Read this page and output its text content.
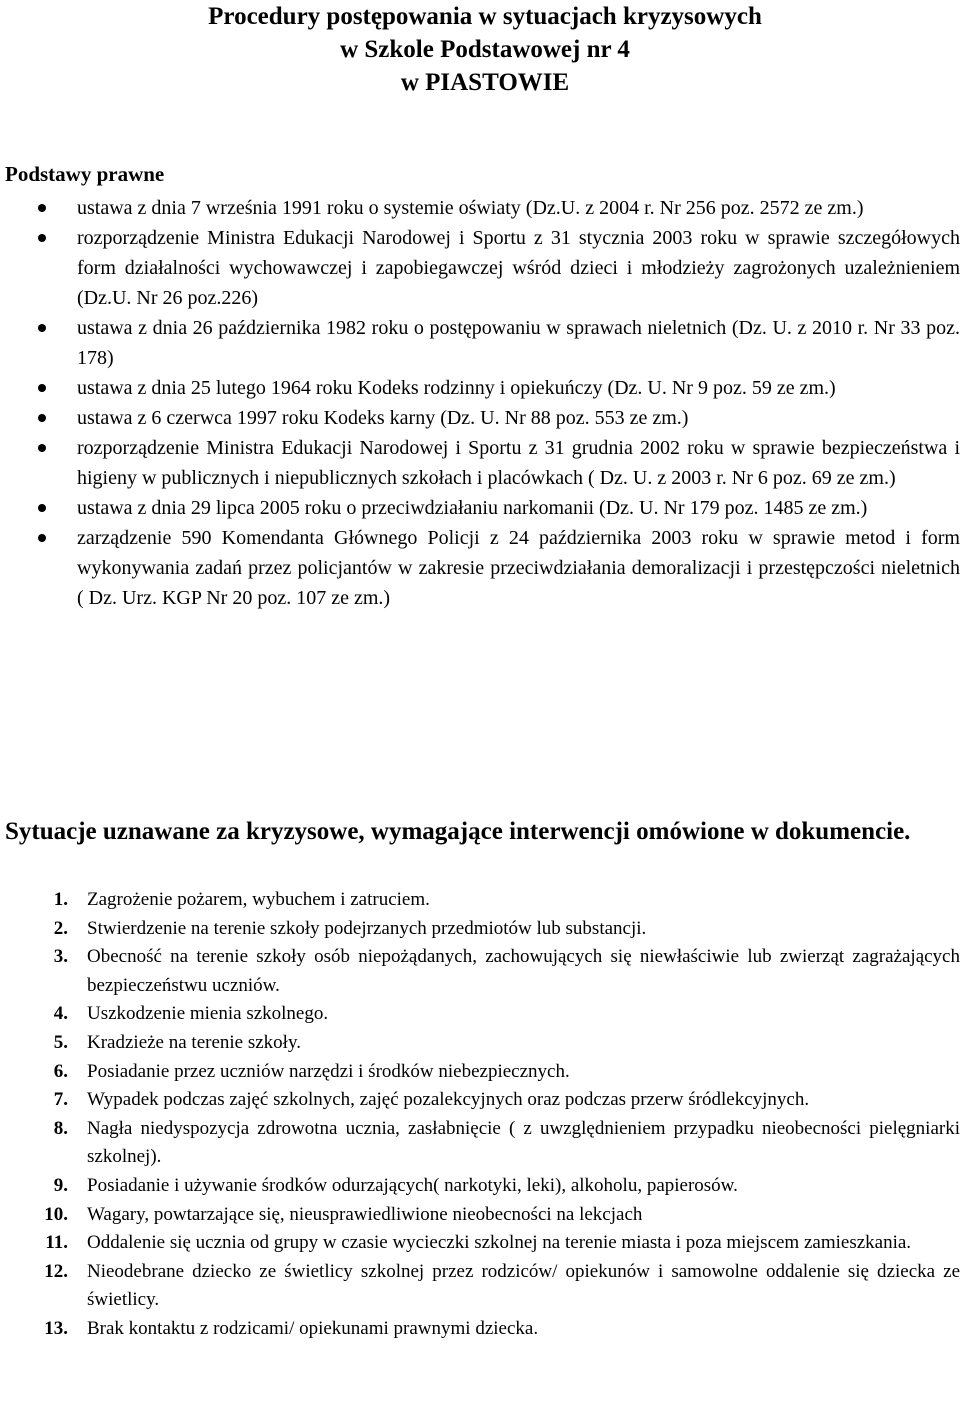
Procedury postępowania w sytuacjach kryzysowych
w Szkole Podstawowej nr 4
w PIASTOWIE
Podstawy prawne
ustawa z dnia 7 września 1991 roku o systemie oświaty (Dz.U. z 2004 r. Nr 256 poz. 2572 ze zm.)
rozporządzenie Ministra Edukacji Narodowej i Sportu z 31 stycznia 2003 roku w sprawie szczegółowych form działalności wychowawczej i zapobiegawczej wśród dzieci i młodzieży zagrożonych uzależnieniem (Dz.U. Nr 26 poz.226)
ustawa z dnia 26 października 1982 roku o postępowaniu w sprawach nieletnich (Dz. U. z 2010 r. Nr 33 poz. 178)
ustawa z dnia 25 lutego 1964 roku Kodeks rodzinny i opiekuńczy (Dz. U. Nr 9 poz. 59 ze zm.)
ustawa z 6 czerwca 1997 roku Kodeks karny (Dz. U. Nr 88 poz. 553 ze zm.)
rozporządzenie Ministra Edukacji Narodowej i Sportu z 31 grudnia 2002 roku w sprawie bezpieczeństwa i higieny w publicznych i niepublicznych szkołach i placówkach ( Dz. U. z 2003 r. Nr 6 poz. 69 ze zm.)
ustawa z dnia 29 lipca 2005 roku o przeciwdziałaniu narkomanii (Dz. U. Nr 179 poz. 1485 ze zm.)
zarządzenie 590 Komendanta Głównego Policji z 24 października 2003 roku w sprawie metod i form wykonywania zadań przez policjantów w zakresie przeciwdziałania demoralizacji i przestępczości nieletnich ( Dz. Urz. KGP Nr 20 poz. 107 ze zm.)
Sytuacje uznawane za kryzysowe, wymagające interwencji omówione w dokumencie.
1. Zagrożenie pożarem, wybuchem i zatruciem.
2. Stwierdzenie na terenie szkoły podejrzanych przedmiotów lub substancji.
3. Obecność na terenie szkoły osób niepożądanych, zachowujących się niewłaściwie lub zwierząt zagrażających bezpieczeństwu uczniów.
4. Uszkodzenie mienia szkolnego.
5. Kradzieże na terenie szkoły.
6. Posiadanie przez uczniów narzędzi i środków niebezpiecznych.
7. Wypadek podczas zajęć szkolnych, zajęć pozalekcyjnych oraz podczas przerw śródlekcyjnych.
8. Nagła niedyspozycja zdrowotna ucznia, zasłabnięcie ( z uwzględnieniem przypadku nieobecności pielęgniarki szkolnej).
9. Posiadanie i używanie środków odurzających( narkotyki, leki), alkoholu, papierosów.
10. Wagary, powtarzające się, nieusprawiedliwione nieobecności na lekcjach
11. Oddalenie się ucznia od grupy w czasie wycieczki szkolnej na terenie miasta i poza miejscem zamieszkania.
12. Nieodebrane dziecko ze świetlicy szkolnej przez rodziców/ opiekunów i samowolne oddalenie się dziecka ze świetlicy.
13. Brak kontaktu z rodzicami/ opiekunami prawnymi dziecka.
